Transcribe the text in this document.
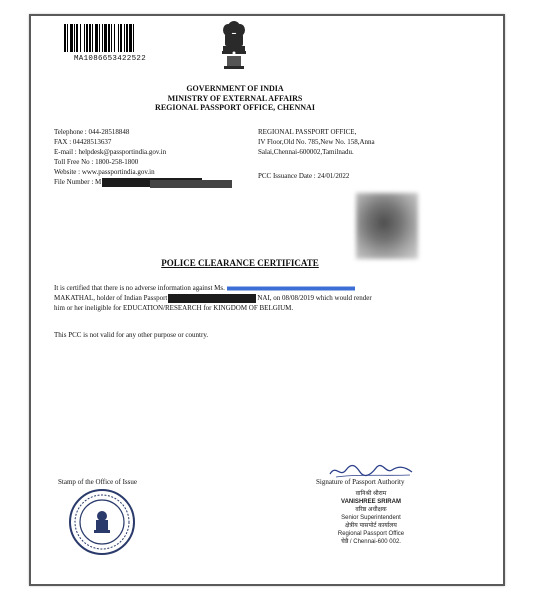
MA1086653422522
GOVERNMENT OF INDIA
MINISTRY OF EXTERNAL AFFAIRS
REGIONAL PASSPORT OFFICE, CHENNAI
Telephone : 044-28518848
FAX : 04428513637
E-mail : helpdesk@passportindia.gov.in
Toll Free No : 1800-258-1800
Website : www.passportindia.gov.in
File Number : M
REGIONAL PASSPORT OFFICE,
IV Floor,Old No. 785,New No. 158,Anna
Salai,Chennai-600002,Tamilnadu.
PCC Issuance Date : 24/01/2022
POLICE CLEARANCE CERTIFICATE
It is certified that there is no adverse information against Ms.
MAKATHAL, holder of Indian Passport	NAI, on 08/08/2019 which would render
him or her ineligible for EDUCATION/RESEARCH for KINGDOM OF BELGIUM.
This PCC is not valid for any other purpose or country.
Stamp of the Office of Issue	Signature of Passport Authority
वानिश्री श्रीराम
VANISHREE SRIRAM
वरिष्ठ अधीक्षक
Senior Superintendent
क्षेत्रीय पासपोर्ट कार्यालय
Regional Passport Office
चेन्नै / Chennai-600 002.
